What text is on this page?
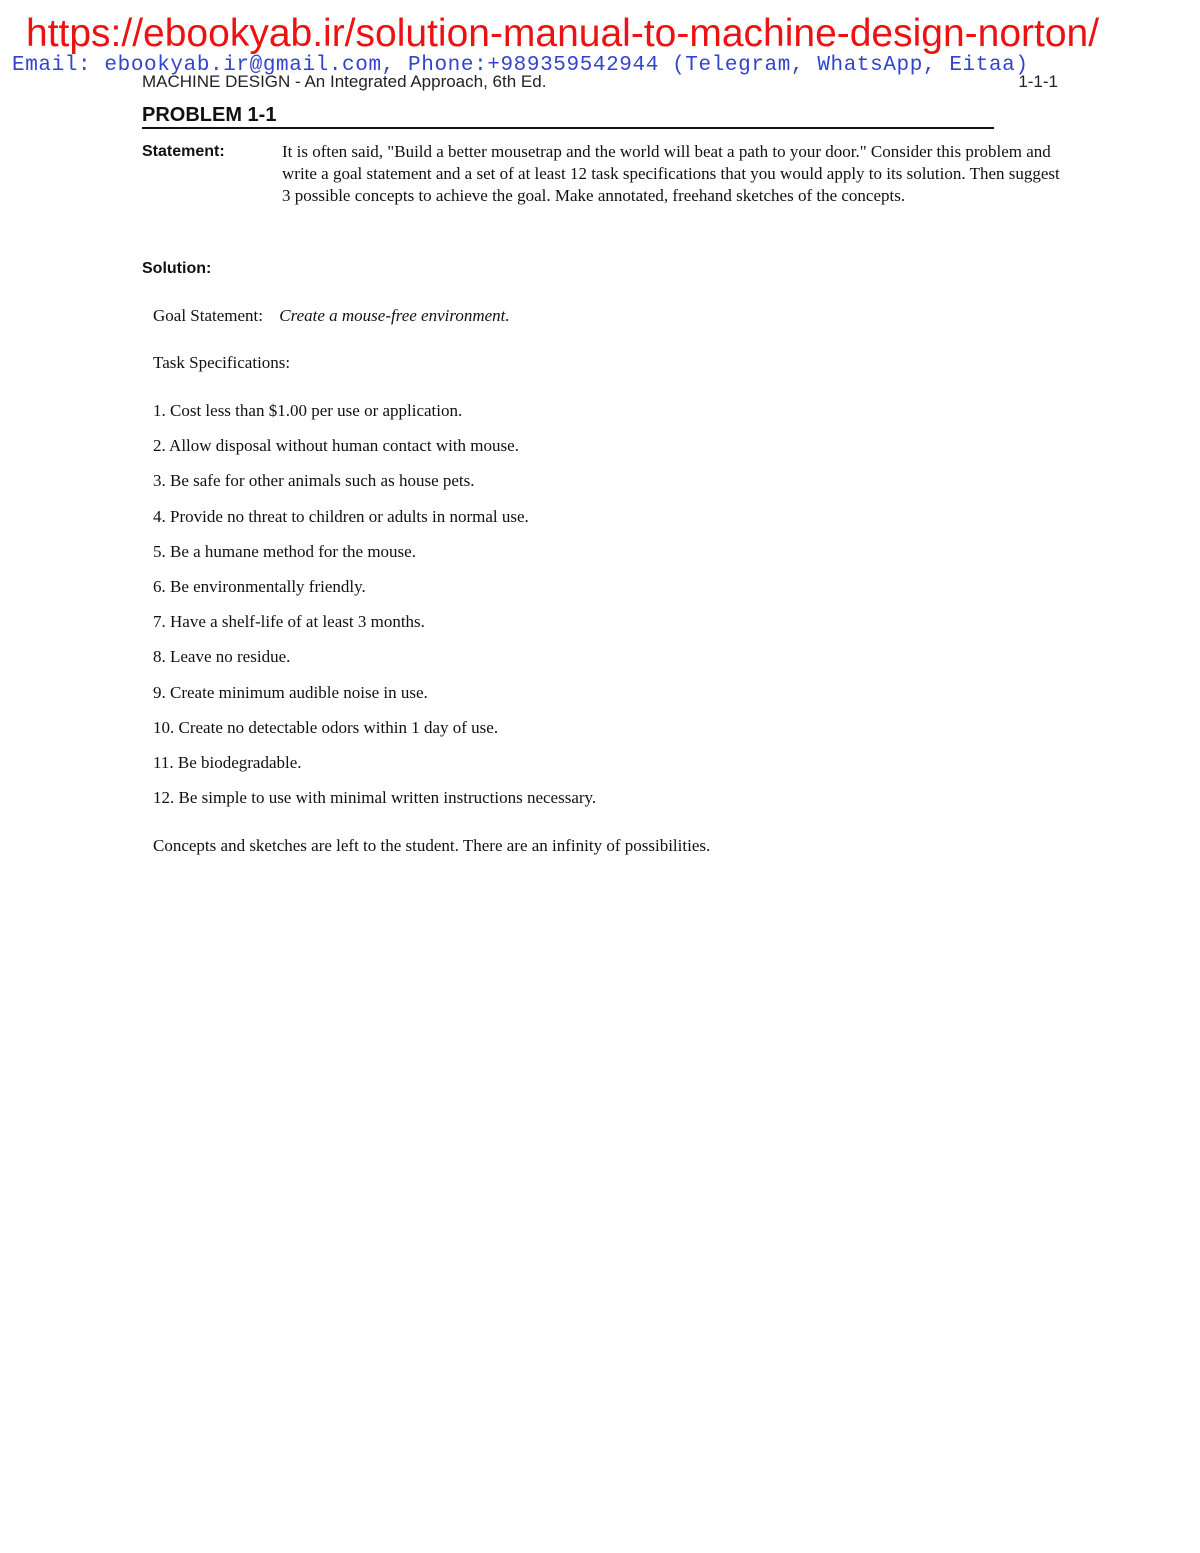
https://ebookyab.ir/solution-manual-to-machine-design-norton/
Email: ebookyab.ir@gmail.com, Phone:+989359542944 (Telegram, WhatsApp, Eitaa)
MACHINE DESIGN - An Integrated Approach, 6th Ed.	1-1-1
PROBLEM 1-1
Statement:	It is often said, "Build a better mousetrap and the world will beat a path to your door." Consider this problem and write a goal statement and a set of at least 12 task specifications that you would apply to its solution. Then suggest 3 possible concepts to achieve the goal. Make annotated, freehand sketches of the concepts.
Solution:
Goal Statement: Create a mouse-free environment.
Task Specifications:
1. Cost less than $1.00 per use or application.
2. Allow disposal without human contact with mouse.
3. Be safe for other animals such as house pets.
4. Provide no threat to children or adults in normal use.
5. Be a humane method for the mouse.
6. Be environmentally friendly.
7. Have a shelf-life of at least 3 months.
8. Leave no residue.
9. Create minimum audible noise in use.
10. Create no detectable odors within 1 day of use.
11. Be biodegradable.
12. Be simple to use with minimal written instructions necessary.
Concepts and sketches are left to the student. There are an infinity of possibilities.
